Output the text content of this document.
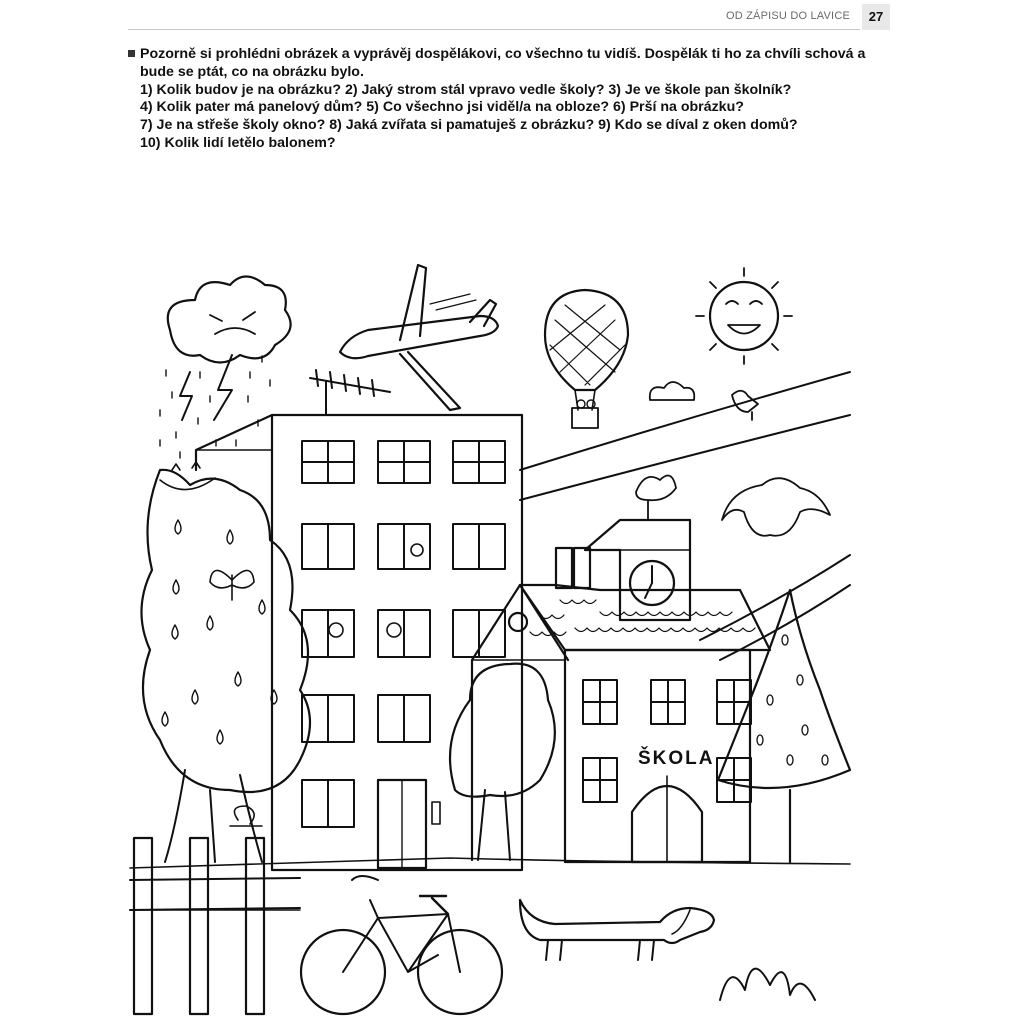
OD ZÁPISU DO LAVICE	27
Pozorně si prohlédni obrázek a vyprávěj dospělákovi, co všechno tu vidíš. Dospělák ti ho za chvíli schová a bude se ptát, co na obrázku bylo.
1) Kolik budov je na obrázku? 2) Jaký strom stál vpravo vedle školy? 3) Je ve škole pan školník?
4) Kolik pater má panelový dům? 5) Co všechno jsi viděl/a na obloze? 6) Prší na obrázku?
7) Je na střeše školy okno? 8) Jaká zvířata si pamatuješ z obrázku? 9) Kdo se díval z oken domů?
10) Kolik lidí letělo balonem?
ŠKOLA
